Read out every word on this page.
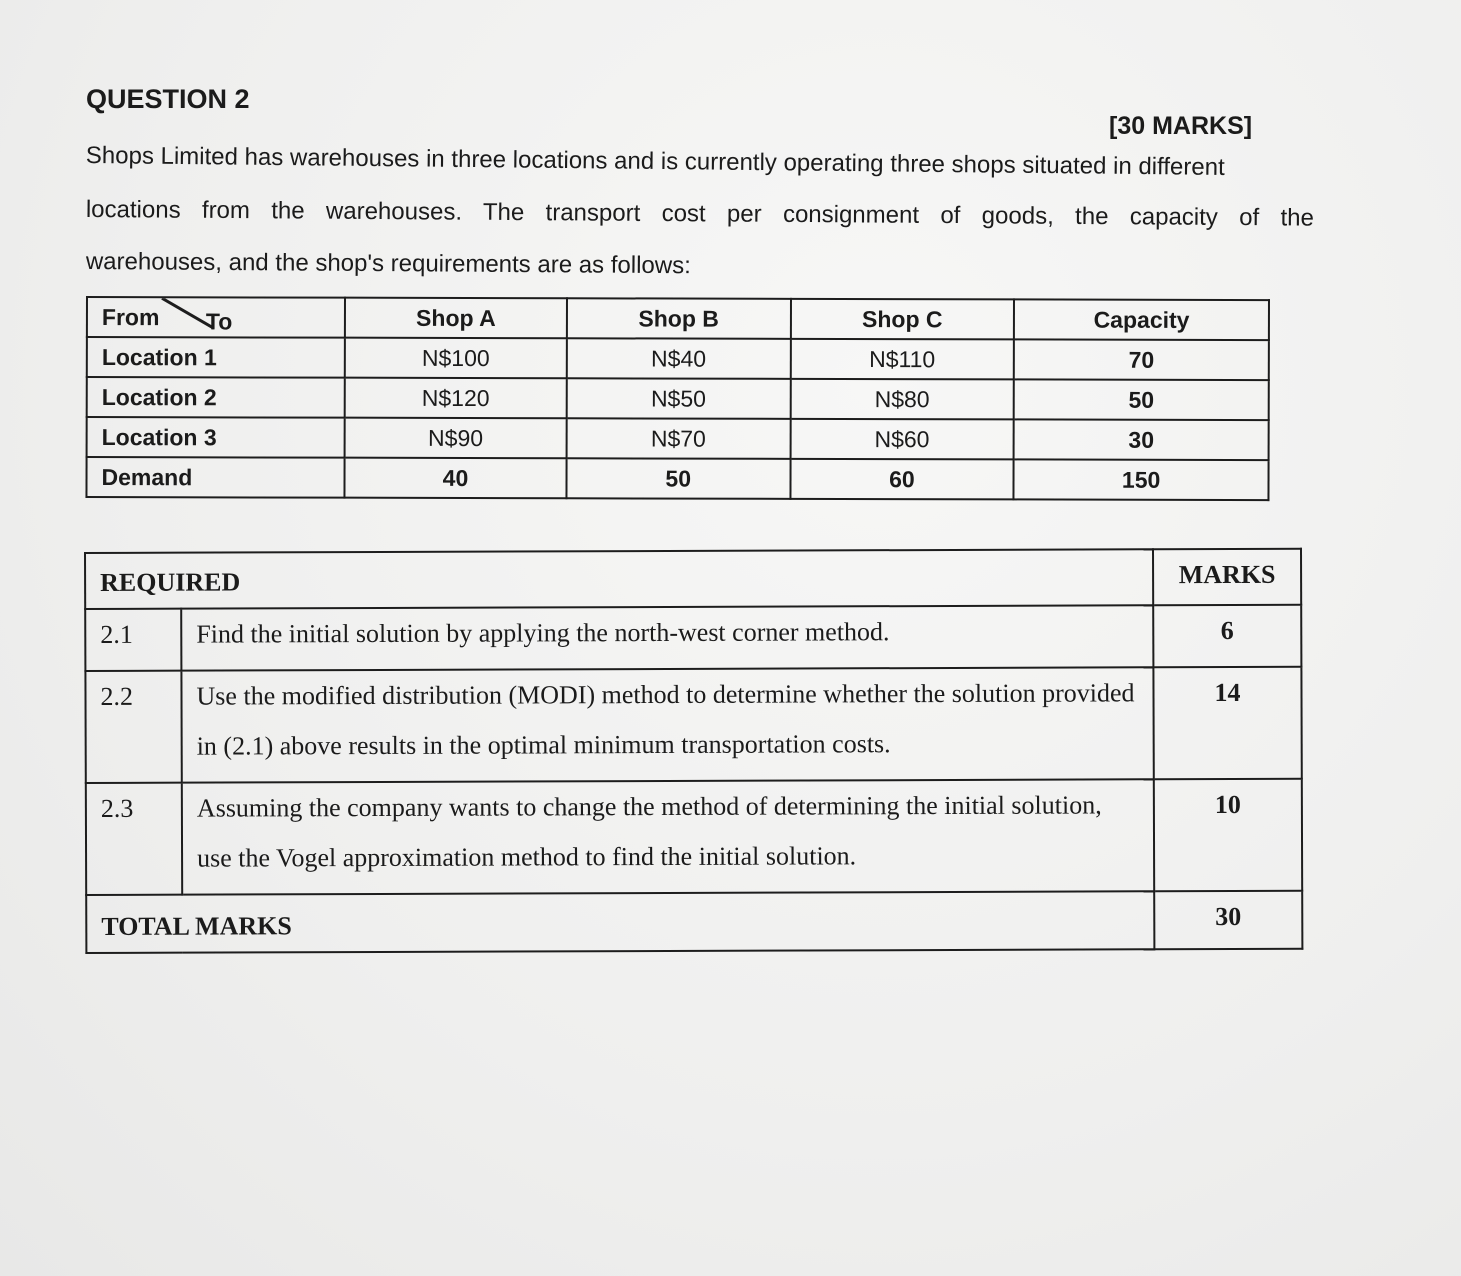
QUESTION 2
[30 MARKS]
Shops Limited has warehouses in three locations and is currently operating three shops situated in different
locations from the warehouses. The transport cost per consignment of goods, the capacity of the
warehouses, and the shop's requirements are as follows:
From To	Shop A	Shop B	Shop C	Capacity
Location 1	N$100	N$40	N$110	70
Location 2	N$120	N$50	N$80	50
Location 3	N$90	N$70	N$60	30
Demand	40	50	60	150
REQUIRED		MARKS
2.1	Find the initial solution by applying the north-west corner method.	6
2.2	Use the modified distribution (MODI) method to determine whether the solution provided in (2.1) above results in the optimal minimum transportation costs.	14
2.3	Assuming the company wants to change the method of determining the initial solution, use the Vogel approximation method to find the initial solution.	10
TOTAL MARKS		30
